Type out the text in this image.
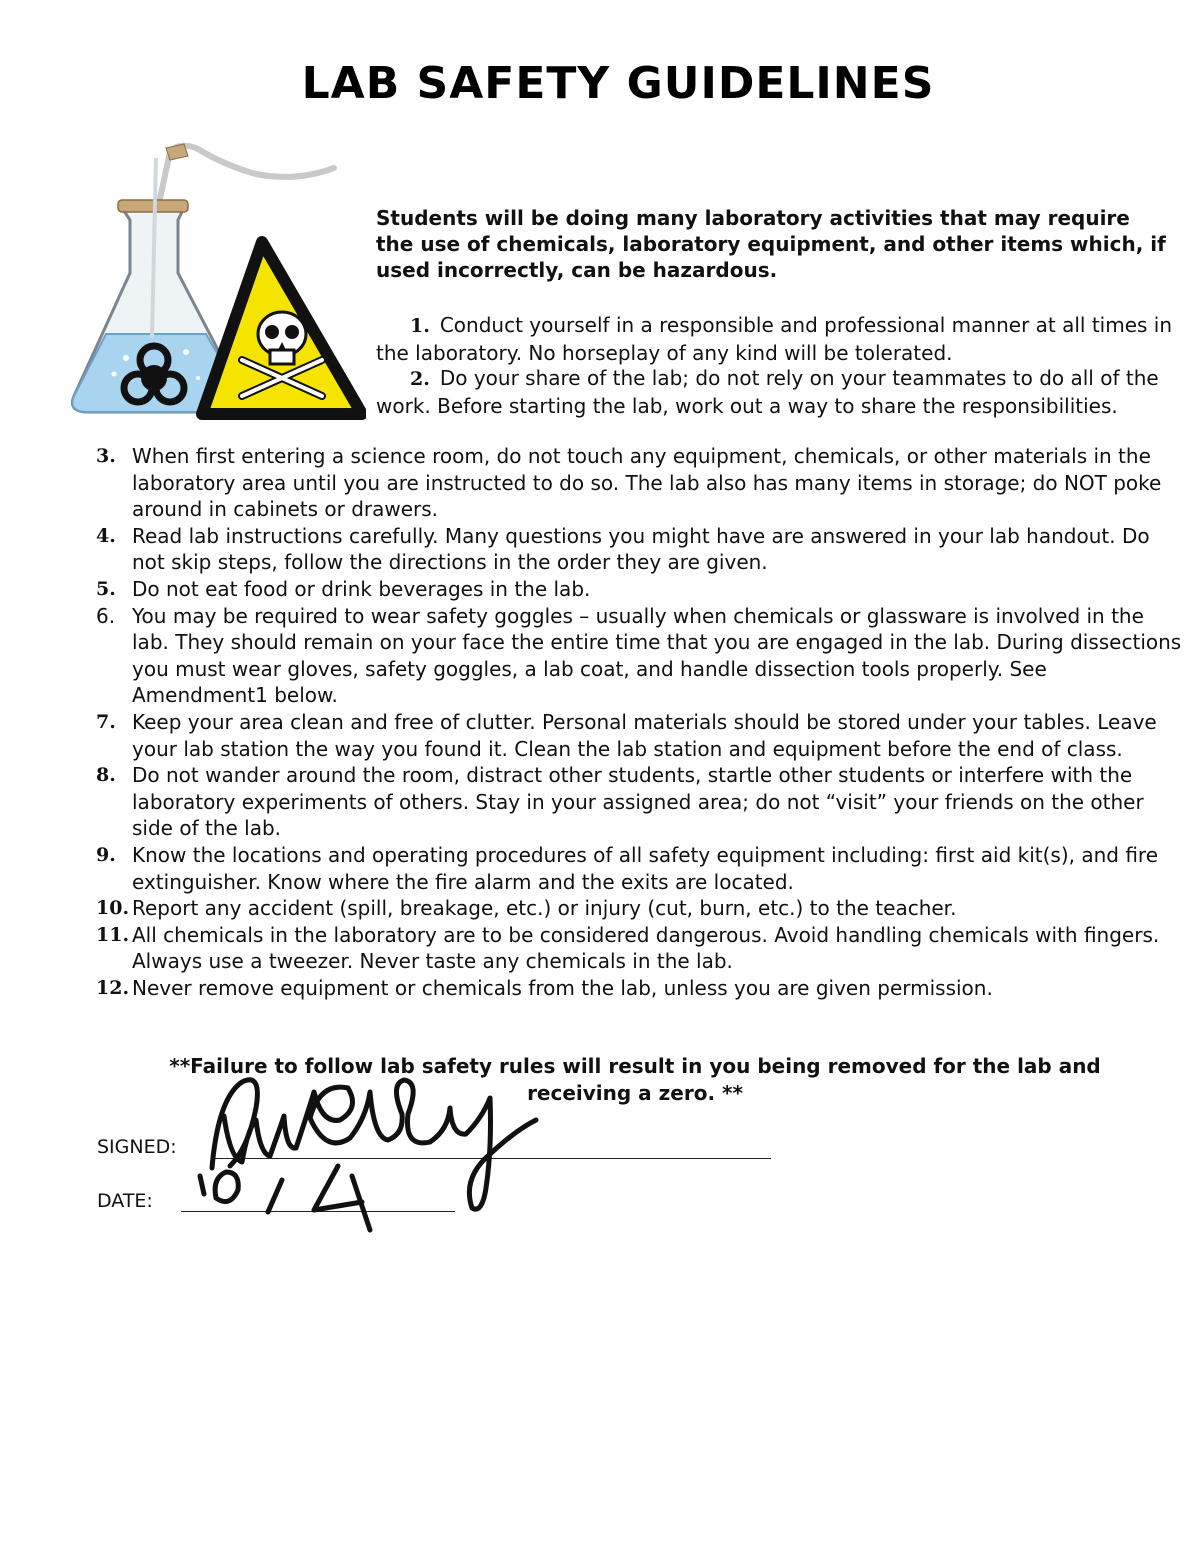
LAB SAFETY GUIDELINES

Students will be doing many laboratory activities that may require the use of chemicals, laboratory equipment, and other items which, if used incorrectly, can be hazardous.

1. Conduct yourself in a responsible and professional manner at all times in the laboratory. No horseplay of any kind will be tolerated.

2. Do your share of the lab; do not rely on your teammates to do all of the work. Before starting the lab, work out a way to share the responsibilities.

3. When first entering a science room, do not touch any equipment, chemicals, or other materials in the laboratory area until you are instructed to do so. The lab also has many items in storage; do NOT poke around in cabinets or drawers.
4. Read lab instructions carefully. Many questions you might have are answered in your lab handout. Do not skip steps, follow the directions in the order they are given.
5. Do not eat food or drink beverages in the lab.
6. You may be required to wear safety goggles – usually when chemicals or glassware is involved in the lab. They should remain on your face the entire time that you are engaged in the lab. During dissections you must wear gloves, safety goggles, a lab coat, and handle dissection tools properly. See Amendment1 below.
7. Keep your area clean and free of clutter. Personal materials should be stored under your tables. Leave your lab station the way you found it. Clean the lab station and equipment before the end of class.
8. Do not wander around the room, distract other students, startle other students or interfere with the laboratory experiments of others. Stay in your assigned area; do not “visit” your friends on the other side of the lab.
9. Know the locations and operating procedures of all safety equipment including: first aid kit(s), and fire extinguisher. Know where the fire alarm and the exits are located.
10. Report any accident (spill, breakage, etc.) or injury (cut, burn, etc.) to the teacher.
11. All chemicals in the laboratory are to be considered dangerous. Avoid handling chemicals with fingers. Always use a tweezer. Never taste any chemicals in the lab.
12. Never remove equipment or chemicals from the lab, unless you are given permission.

**Failure to follow lab safety rules will result in you being removed for the lab and receiving a zero. **

SIGNED:
DATE:
